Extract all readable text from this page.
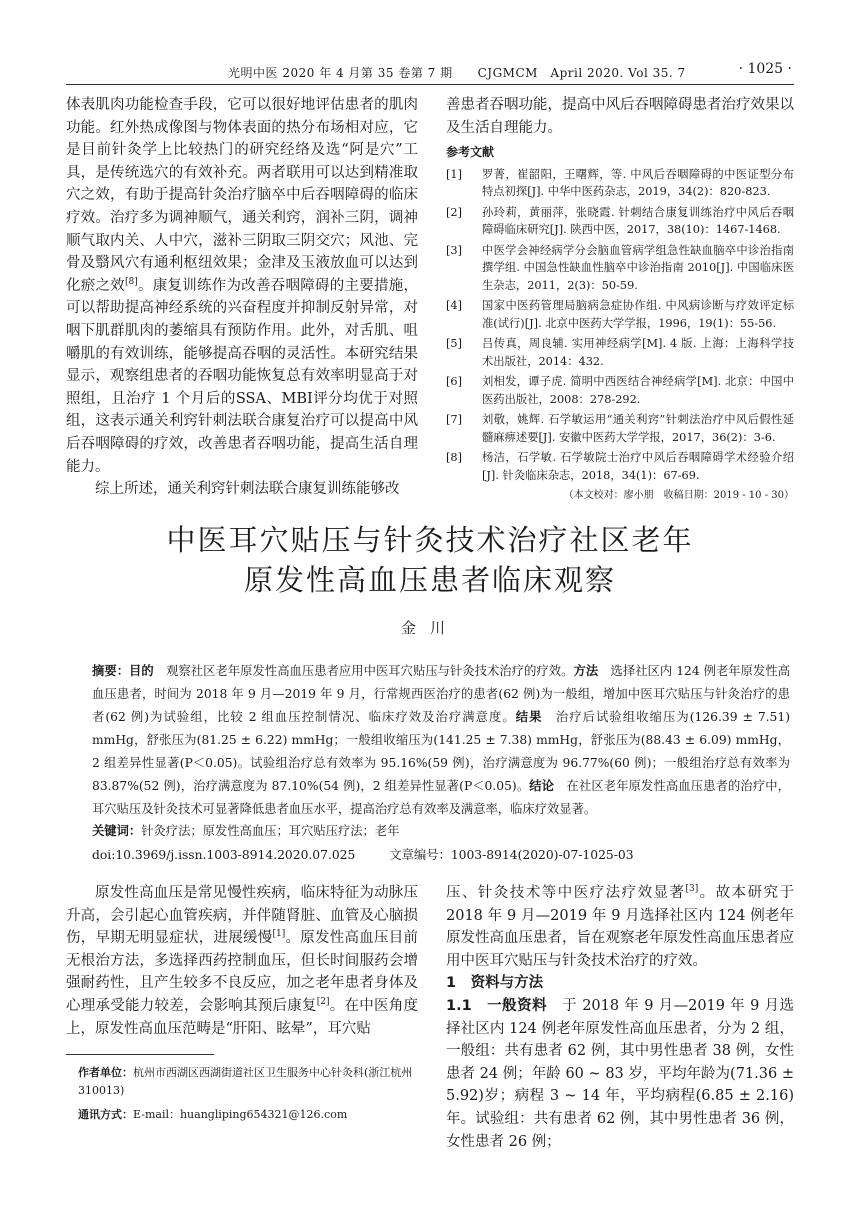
光明中医 2020 年 4 月第 35 卷第 7 期　　CJGMCM　April 2020. Vol 35. 7	· 1025 ·

体表肌肉功能检查手段，它可以很好地评估患者的肌肉功能。红外热成像图与物体表面的热分布场相对应，它是目前针灸学上比较热门的研究经络及选“阿是穴”工具，是传统选穴的有效补充。两者联用可以达到精准取穴之效，有助于提高针灸治疗脑卒中后吞咽障碍的临床疗效。治疗多为调神顺气，通关利窍，润补三阴，调神顺气取内关、人中穴，滋补三阴取三阴交穴；风池、完骨及翳风穴有通利枢纽效果；金津及玉液放血可以达到化瘀之效[8]。康复训练作为改善吞咽障碍的主要措施，可以帮助提高神经系统的兴奋程度并抑制反射异常，对咽下肌群肌肉的萎缩具有预防作用。此外，对舌肌、咀嚼肌的有效训练，能够提高吞咽的灵活性。本研究结果显示，观察组患者的吞咽功能恢复总有效率明显高于对照组，且治疗 1 个月后的SSA、MBI评分均优于对照组，这表示通关利窍针刺法联合康复治疗可以提高中风后吞咽障碍的疗效，改善患者吞咽功能，提高生活自理能力。

综上所述，通关利窍针刺法联合康复训练能够改

善患者吞咽功能，提高中风后吞咽障碍患者治疗效果以及生活自理能力。

参考文献
[1] 罗菁，崔韶阳，王曙辉，等. 中风后吞咽障碍的中医证型分布特点初探[J]. 中华中医药杂志，2019，34(2)：820-823.
[2] 孙玲莉，黄丽萍，张晓霞. 针刺结合康复训练治疗中风后吞咽障碍临床研究[J]. 陕西中医，2017，38(10)：1467-1468.
[3] 中医学会神经病学分会脑血管病学组急性缺血脑卒中诊治指南撰学组. 中国急性缺血性脑卒中诊治指南 2010[J]. 中国临床医生杂志，2011，2(3)：50-59.
[4] 国家中医药管理局脑病急症协作组. 中风病诊断与疗效评定标准(试行)[J]. 北京中医药大学学报，1996，19(1)：55-56.
[5] 吕传真，周良辅. 实用神经病学[M]. 4 版. 上海：上海科学技术出版社，2014：432.
[6] 刘相发，谭子虎. 简明中西医结合神经病学[M]. 北京：中国中医药出版社，2008：278-292.
[7] 刘敬，姚辉. 石学敏运用“通关利窍”针刺法治疗中风后假性延髓麻痹述要[J]. 安徽中医药大学学报，2017，36(2)：3-6.
[8] 杨洁，石学敏. 石学敏院士治疗中风后吞咽障碍学术经验介绍[J]. 针灸临床杂志，2018，34(1)：67-69.
（本文校对：廖小朋　收稿日期：2019 - 10 - 30）
中医耳穴贴压与针灸技术治疗社区老年
原发性高血压患者临床观察
金川

摘要：目的　观察社区老年原发性高血压患者应用中医耳穴贴压与针灸技术治疗的疗效。方法　选择社区内 124 例老年原发性高血压患者，时间为 2018 年 9 月—2019 年 9 月，行常规西医治疗的患者(62 例)为一般组，增加中医耳穴贴压与针灸治疗的患者(62 例)为试验组，比较 2 组血压控制情况、临床疗效及治疗满意度。结果　治疗后试验组收缩压为(126.39 ± 7.51) mmHg，舒张压为(81.25 ± 6.22) mmHg；一般组收缩压为(141.25 ± 7.38) mmHg，舒张压为(88.43 ± 6.09) mmHg，2 组差异性显著(P＜0.05)。试验组治疗总有效率为 95.16%(59 例)，治疗满意度为 96.77%(60 例)；一般组治疗总有效率为 83.87%(52 例)，治疗满意度为 87.10%(54 例)，2 组差异性显著(P＜0.05)。结论　在社区老年原发性高血压患者的治疗中，耳穴贴压及针灸技术可显著降低患者血压水平，提高治疗总有效率及满意率，临床疗效显著。

关键词：针灸疗法；原发性高血压；耳穴贴压疗法；老年
doi:10.3969/j.issn.1003-8914.2020.07.025	文章编号：1003-8914(2020)-07-1025-03

原发性高血压是常见慢性疾病，临床特征为动脉压升高，会引起心血管疾病，并伴随肾脏、血管及心脑损伤，早期无明显症状，进展缓慢[1]。原发性高血压目前无根治方法，多选择西药控制血压，但长时间服药会增强耐药性，且产生较多不良反应，加之老年患者身体及心理承受能力较差，会影响其预后康复[2]。在中医角度上，原发性高血压范畴是“肝阳、眩晕”，耳穴贴

作者单位：杭州市西湖区西湖街道社区卫生服务中心针灸科(浙江杭州 310013)
通讯方式：E-mail：huangliping654321@126.com

压、针灸技术等中医疗法疗效显著[3]。故本研究于 2018 年 9 月—2019 年 9 月选择社区内 124 例老年原发性高血压患者，旨在观察老年原发性高血压患者应用中医耳穴贴压与针灸技术治疗的疗效。

1　资料与方法

1.1　一般资料　于 2018 年 9 月—2019 年 9 月选择社区内 124 例老年原发性高血压患者，分为 2 组，一般组：共有患者 62 例，其中男性患者 38 例，女性患者 24 例；年龄 60 ~ 83 岁，平均年龄为(71.36 ± 5.92)岁；病程 3 ~ 14 年，平均病程(6.85 ± 2.16)年。试验组：共有患者 62 例，其中男性患者 36 例，女性患者 26 例；
